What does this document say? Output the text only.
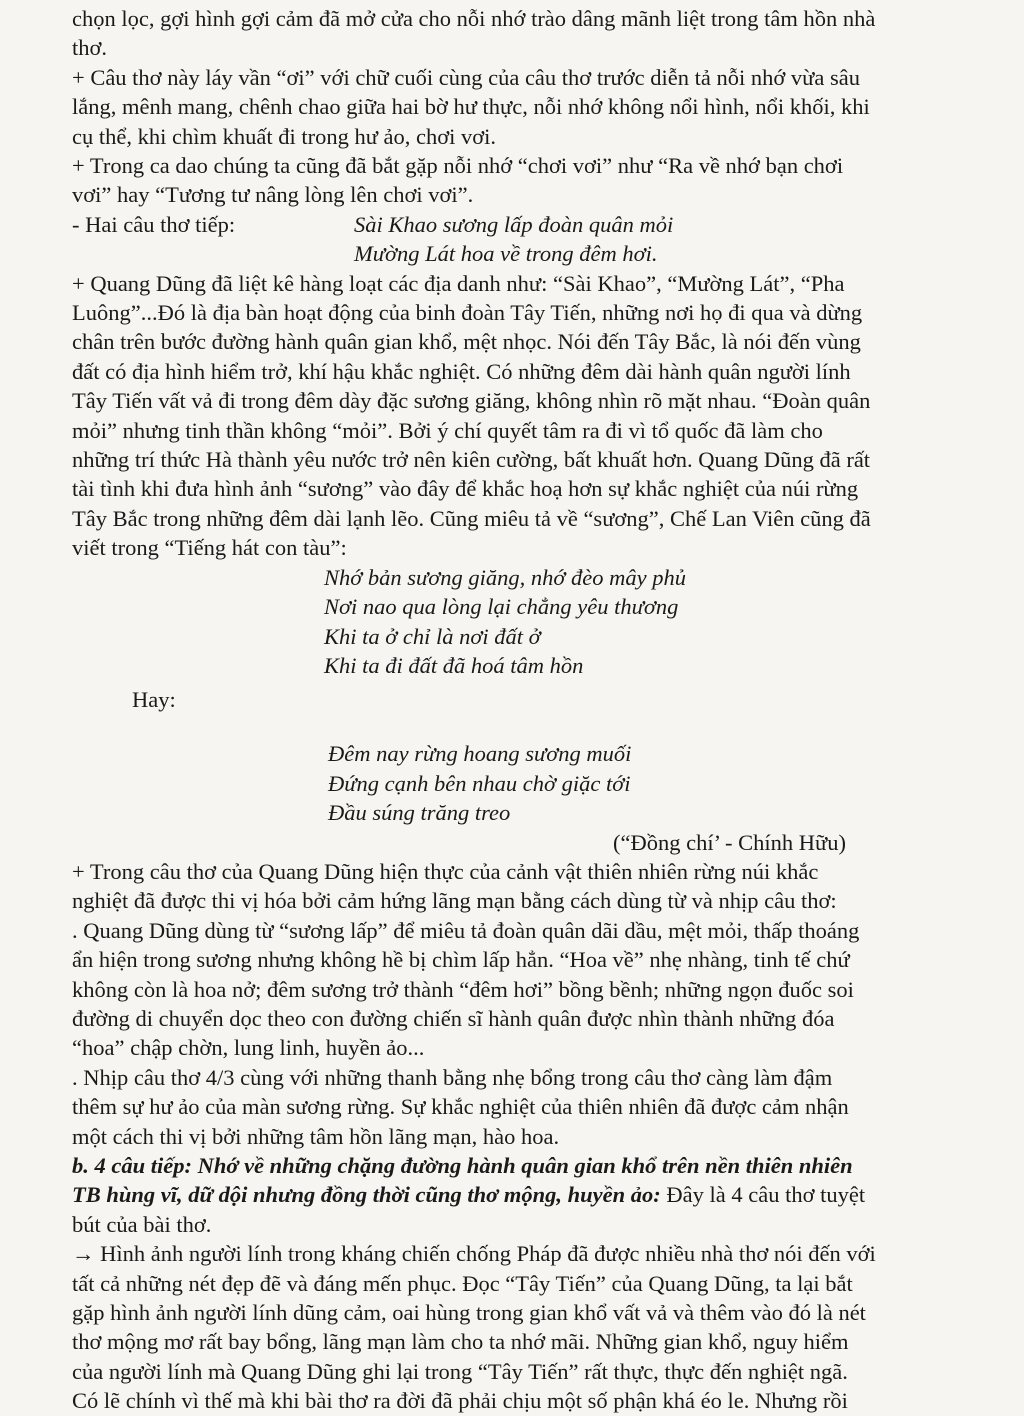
chọn lọc, gợi hình gợi cảm đã mở cửa cho nỗi nhớ trào dâng mãnh liệt trong tâm hồn nhà
thơ.
+ Câu thơ này láy vần “ơi” với chữ cuối cùng của câu thơ trước diễn tả nỗi nhớ vừa sâu
lắng, mênh mang, chênh chao giữa hai bờ hư thực, nỗi nhớ không nổi hình, nổi khối, khi
cụ thể, khi chìm khuất đi trong hư ảo, chơi vơi.
+ Trong ca dao chúng ta cũng đã bắt gặp nỗi nhớ “chơi vơi” như “Ra về nhớ bạn chơi
vơi” hay “Tương tư nâng lòng lên chơi vơi”.
- Hai câu thơ tiếp:	Sài Khao sương lấp đoàn quân mỏi
Mường Lát hoa về trong đêm hơi.
+ Quang Dũng đã liệt kê hàng loạt các địa danh như: “Sài Khao”, “Mường Lát”, “Pha
Luông”...Đó là địa bàn hoạt động của binh đoàn Tây Tiến, những nơi họ đi qua và dừng
chân trên bước đường hành quân gian khổ, mệt nhọc. Nói đến Tây Bắc, là nói đến vùng
đất có địa hình hiểm trở, khí hậu khắc nghiệt. Có những đêm dài hành quân người lính
Tây Tiến vất vả đi trong đêm dày đặc sương giăng, không nhìn rõ mặt nhau. “Đoàn quân
mỏi” nhưng tinh thần không “mỏi”. Bởi ý chí quyết tâm ra đi vì tổ quốc đã làm cho
những trí thức Hà thành yêu nước trở nên kiên cường, bất khuất hơn. Quang Dũng đã rất
tài tình khi đưa hình ảnh “sương” vào đây để khắc hoạ hơn sự khắc nghiệt của núi rừng
Tây Bắc trong những đêm dài lạnh lẽo. Cũng miêu tả về “sương”, Chế Lan Viên cũng đã
viết trong “Tiếng hát con tàu”:
Nhớ bản sương giăng, nhớ đèo mây phủ
Nơi nao qua lòng lại chẳng yêu thương
Khi ta ở chỉ là nơi đất ở
Khi ta đi đất đã hoá tâm hồn
Hay:
Đêm nay rừng hoang sương muối
Đứng cạnh bên nhau chờ giặc tới
Đầu súng trăng treo
(“Đồng chí’ - Chính Hữu)
+ Trong câu thơ của Quang Dũng hiện thực của cảnh vật thiên nhiên rừng núi khắc
nghiệt đã được thi vị hóa bởi cảm hứng lãng mạn bằng cách dùng từ và nhịp câu thơ:
. Quang Dũng dùng từ “sương lấp” để miêu tả đoàn quân dãi dầu, mệt mỏi, thấp thoáng
ẩn hiện trong sương nhưng không hề bị chìm lấp hẳn. “Hoa về” nhẹ nhàng, tinh tế chứ
không còn là hoa nở; đêm sương trở thành “đêm hơi” bồng bềnh; những ngọn đuốc soi
đường di chuyển dọc theo con đường chiến sĩ hành quân được nhìn thành những đóa
“hoa” chập chờn, lung linh, huyền ảo...
. Nhịp câu thơ 4/3 cùng với những thanh bằng nhẹ bổng trong câu thơ càng làm đậm
thêm sự hư ảo của màn sương rừng. Sự khắc nghiệt của thiên nhiên đã được cảm nhận
một cách thi vị bởi những tâm hồn lãng mạn, hào hoa.
b. 4 câu tiếp: Nhớ về những chặng đường hành quân gian khổ trên nền thiên nhiên
TB hùng vĩ, dữ dội nhưng đồng thời cũng thơ mộng, huyền ảo: Đây là 4 câu thơ tuyệt
bút của bài thơ.
→ Hình ảnh người lính trong kháng chiến chống Pháp đã được nhiều nhà thơ nói đến với
tất cả những nét đẹp đẽ và đáng mến phục. Đọc “Tây Tiến” của Quang Dũng, ta lại bắt
gặp hình ảnh người lính dũng cảm, oai hùng trong gian khổ vất vả và thêm vào đó là nét
thơ mộng mơ rất bay bổng, lãng mạn làm cho ta nhớ mãi. Những gian khổ, nguy hiểm
của người lính mà Quang Dũng ghi lại trong “Tây Tiến” rất thực, thực đến nghiệt ngã.
Có lẽ chính vì thế mà khi bài thơ ra đời đã phải chịu một số phận khá éo le. Nhưng rồi
